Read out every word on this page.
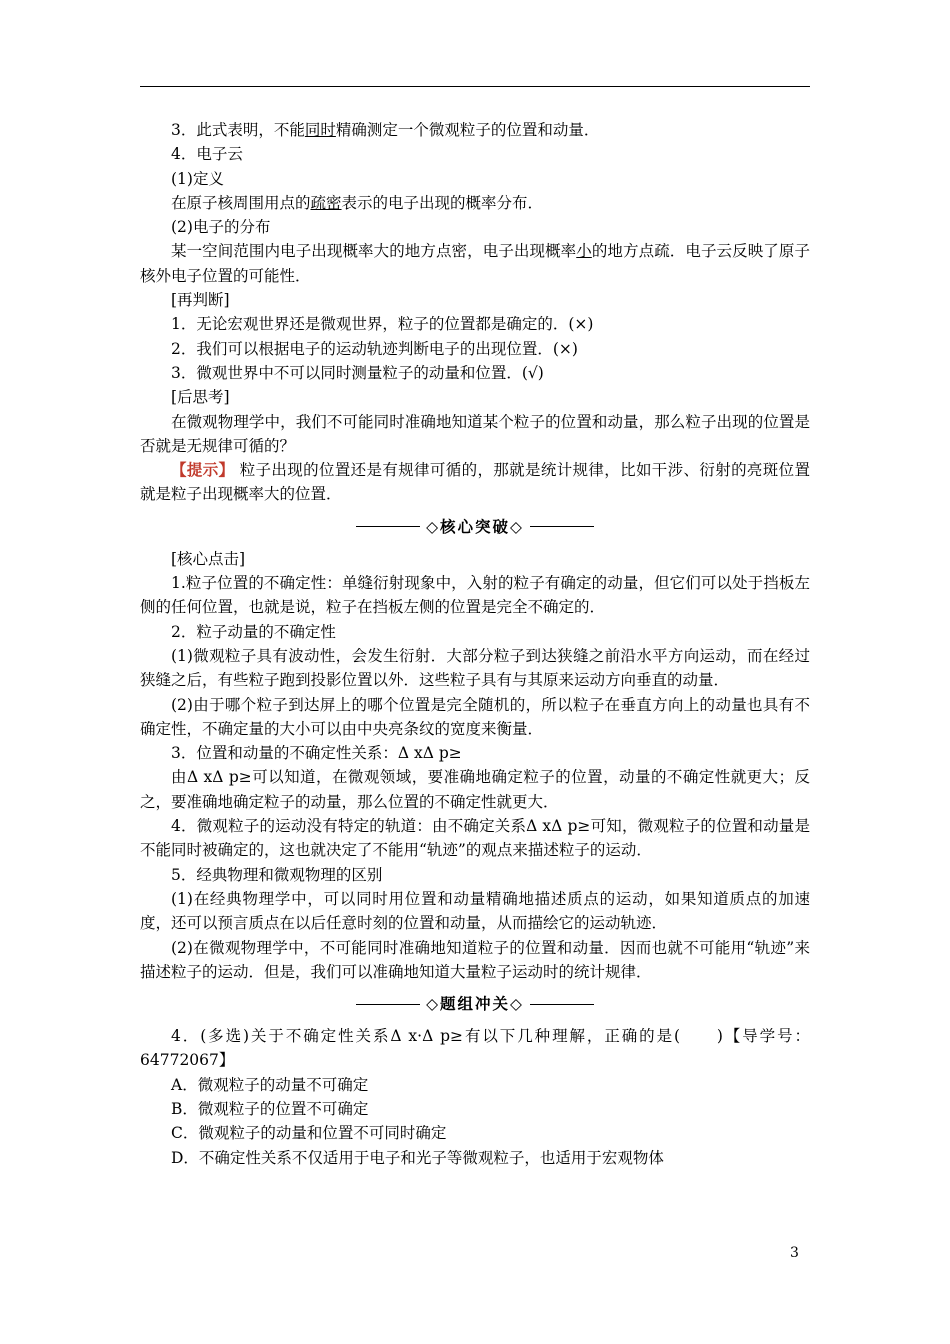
3．此式表明，不能同时精确测定一个微观粒子的位置和动量．

4．电子云

(1)定义

在原子核周围用点的疏密表示的电子出现的概率分布．

(2)电子的分布

某一空间范围内电子出现概率大的地方点密，电子出现概率小的地方点疏．电子云反映了原子核外电子位置的可能性．

[再判断]

1．无论宏观世界还是微观世界，粒子的位置都是确定的．(×)

2．我们可以根据电子的运动轨迹判断电子的出现位置．(×)

3．微观世界中不可以同时测量粒子的动量和位置．(√)

[后思考]

在微观物理学中，我们不可能同时准确地知道某个粒子的位置和动量，那么粒子出现的位置是否就是无规律可循的？

【提示】 粒子出现的位置还是有规律可循的，那就是统计规律，比如干涉、衍射的亮斑位置就是粒子出现概率大的位置．

◇核心突破◇

[核心点击]

1.粒子位置的不确定性：单缝衍射现象中，入射的粒子有确定的动量，但它们可以处于挡板左侧的任何位置，也就是说，粒子在挡板左侧的位置是完全不确定的．

2．粒子动量的不确定性

(1)微观粒子具有波动性，会发生衍射．大部分粒子到达狭缝之前沿水平方向运动，而在经过狭缝之后，有些粒子跑到投影位置以外．这些粒子具有与其原来运动方向垂直的动量．

(2)由于哪个粒子到达屏上的哪个位置是完全随机的，所以粒子在垂直方向上的动量也具有不确定性，不确定量的大小可以由中央亮条纹的宽度来衡量．

3．位置和动量的不确定性关系：Δ xΔ p≥

由Δ xΔ p≥可以知道，在微观领域，要准确地确定粒子的位置，动量的不确定性就更大；反之，要准确地确定粒子的动量，那么位置的不确定性就更大．

4．微观粒子的运动没有特定的轨道：由不确定关系Δ xΔ p≥可知，微观粒子的位置和动量是不能同时被确定的，这也就决定了不能用“轨迹”的观点来描述粒子的运动．

5．经典物理和微观物理的区别

(1)在经典物理学中，可以同时用位置和动量精确地描述质点的运动，如果知道质点的加速度，还可以预言质点在以后任意时刻的位置和动量，从而描绘它的运动轨迹．

(2)在微观物理学中，不可能同时准确地知道粒子的位置和动量．因而也就不可能用“轨迹”来描述粒子的运动．但是，我们可以准确地知道大量粒子运动时的统计规律．

◇题组冲关◇

4．(多选)关于不确定性关系Δ x·Δ p≥有以下几种理解，正确的是(　　)【导学号：64772067】

A．微观粒子的动量不可确定

B．微观粒子的位置不可确定

C．微观粒子的动量和位置不可同时确定

D．不确定性关系不仅适用于电子和光子等微观粒子，也适用于宏观物体

3
